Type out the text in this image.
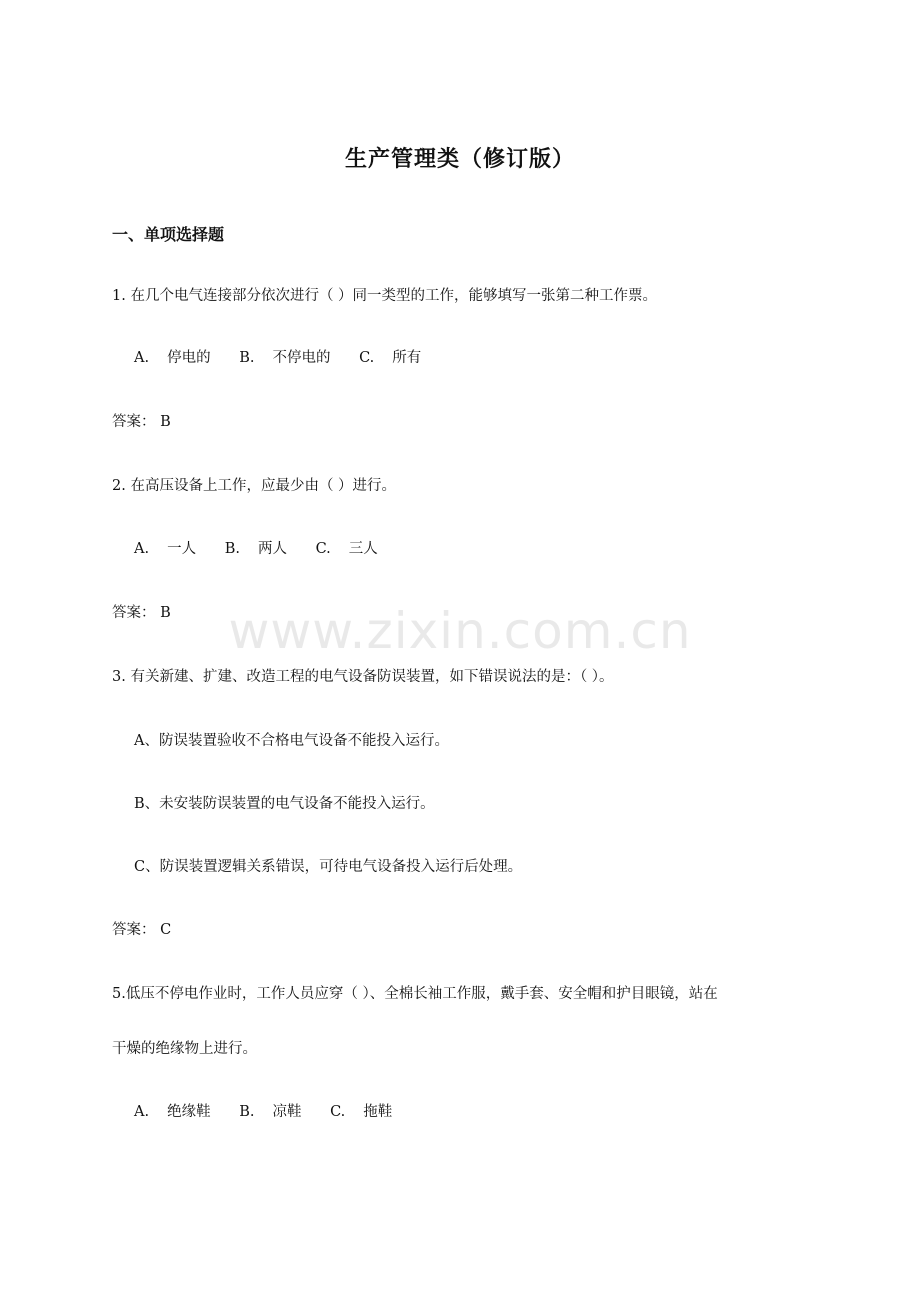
生产管理类（修订版）
一、单项选择题
1. 在几个电气连接部分依次进行（ ）同一类型的工作，能够填写一张第二种工作票。
A. 停电的 B. 不停电的 C. 所有
答案： B
2. 在高压设备上工作，应最少由（ ）进行。
A. 一人 B. 两人 C. 三人
答案： B
3. 有关新建、扩建、改造工程的电气设备防误装置，如下错误说法的是：（ ）。
A、防误装置验收不合格电气设备不能投入运行。
B、未安装防误装置的电气设备不能投入运行。
C、防误装置逻辑关系错误，可待电气设备投入运行后处理。
答案： C
5.低压不停电作业时，工作人员应穿（ ）、全棉长袖工作服，戴手套、安全帽和护目眼镜，站在
干燥的绝缘物上进行。
A. 绝缘鞋 B. 凉鞋 C. 拖鞋
www.zixin.com.cn
